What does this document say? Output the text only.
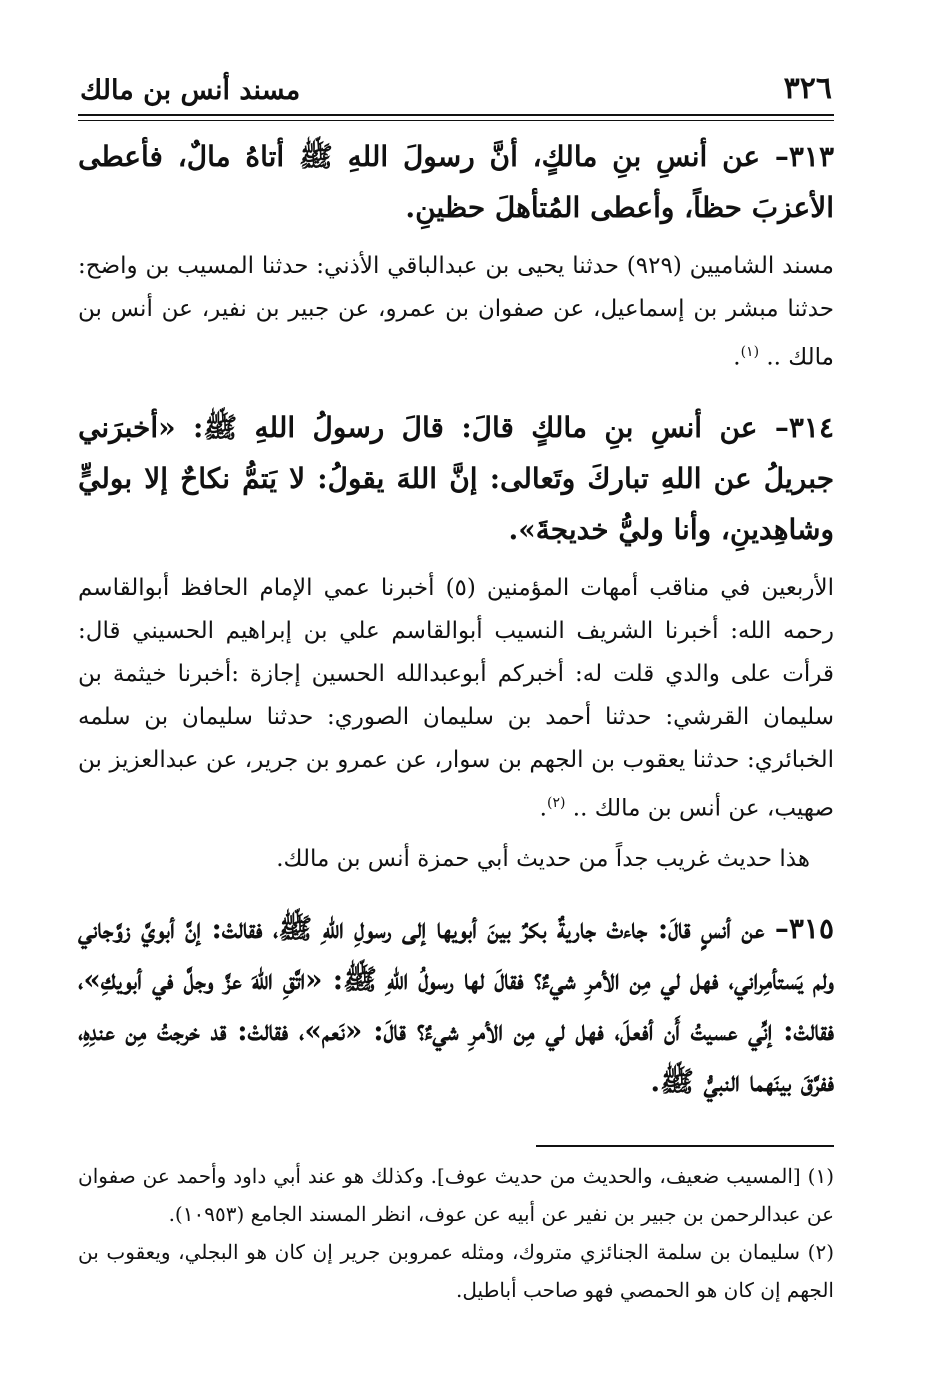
٣٢٦
مسند أنس بن مالك

٣١٣– عن أنسِ بنِ مالكٍ، أنَّ رسولَ اللهِ ﷺ أتاهُ مالٌ، فأعطى الأعزبَ حظاً، وأعطى المُتأهلَ حظينِ.

مسند الشاميين (٩٢٩) حدثنا يحيى بن عبدالباقي الأذني: حدثنا المسيب بن واضح: حدثنا مبشر بن إسماعيل، عن صفوان بن عمرو، عن جبير بن نفير، عن أنس بن مالك .. $^{(١)}$.

٣١٤– عن أنسِ بنِ مالكٍ قالَ: قالَ رسولُ اللهِ ﷺ: «أخبرَني جبريلُ عن اللهِ تباركَ وتَعالى: إنَّ اللهَ يقولُ: لا يَتمُّ نكاحٌ إلا بوليٍّ وشاهِدينِ، وأنا وليُّ خديجةَ».

الأربعين في مناقب أمهات المؤمنين (٥) أخبرنا عمي الإمام الحافظ أبوالقاسم رحمه الله: أخبرنا الشريف النسيب أبوالقاسم علي بن إبراهيم الحسيني قال: قرأت على والدي قلت له: أخبركم أبوعبدالله الحسين إجازة :أخبرنا خيثمة بن سليمان القرشي: حدثنا أحمد بن سليمان الصوري: حدثنا سليمان بن سلمه الخبائري: حدثنا يعقوب بن الجهم بن سوار، عن عمرو بن جرير، عن عبدالعزيز بن صهيب، عن أنس بن مالك .. $^{(٢)}$.

هذا حديث غريب جداً من حديث أبي حمزة أنس بن مالك.

٣١٥– عن أنسٍ قالَ: جاءتْ جاريةٌ بكرٌ بينَ أبويها إلى رسولِ اللهِ ﷺ، فقالتْ: إنَّ أبويَّ زوَّجاني ولم يَستأمِراني، فهل لي مِن الأمرِ شيءٌ؟ فقالَ لها رسولُ اللهِ ﷺ: «اتَّقِ اللهَ عزَّ وجلَّ في أبويكِ»، فقالتْ: إنِّي عسيتُ أَن أفعلَ، فهل لي مِن الأمرِ شيءٌ؟ قالَ: «نَعم»، فقالتْ: قد خرجتُ مِن عندِهِ، ففرَّقَ بينَهما النبيُّ ﷺ.

(١) [المسيب ضعيف، والحديث من حديث عوف]. وكذلك هو عند أبي داود وأحمد عن صفوان عن عبدالرحمن بن جبير بن نفير عن أبيه عن عوف، انظر المسند الجامع (١٠٩٥٣).

(٢) سليمان بن سلمة الجنائزي متروك، ومثله عمروبن جرير إن كان هو البجلي، ويعقوب بن الجهم إن كان هو الحمصي فهو صاحب أباطيل.
